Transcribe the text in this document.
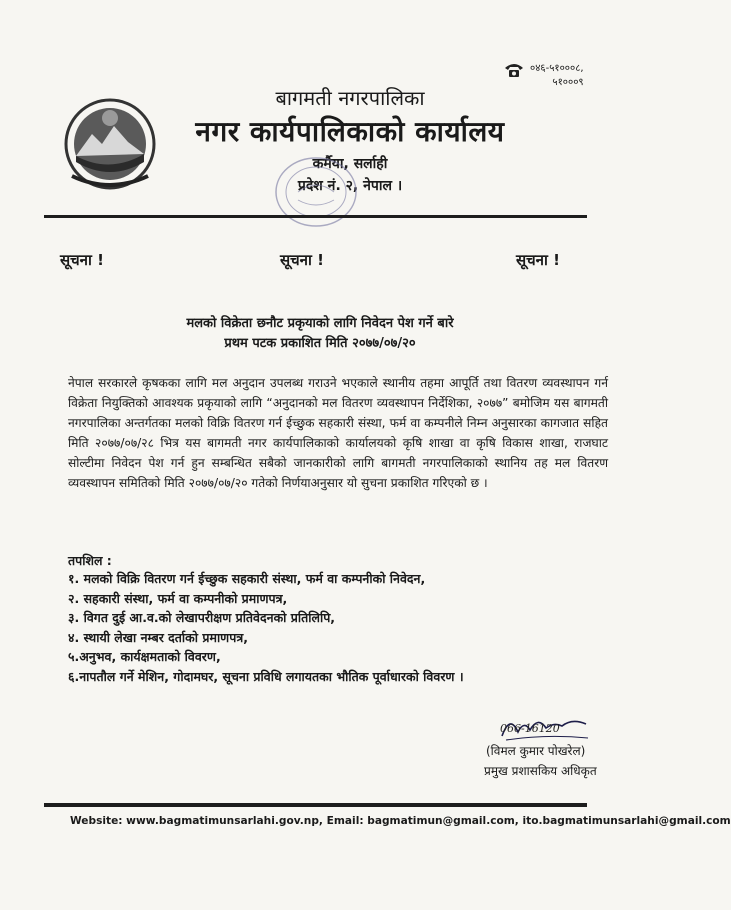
०४६-५१०००८,
५१०००९
बागमती नगरपालिका
नगर कार्यपालिकाको कार्यालय
कर्मैया, सर्लाही
प्रदेश नं. २, नेपाल ।
सूचना !	सूचना !	सूचना !
मलको विक्रेता छनौट प्रकृयाको लागि निवेदन पेश गर्ने बारे
प्रथम पटक प्रकाशित मिति २०७७/०७/२०
नेपाल सरकारले कृषकका लागि मल अनुदान उपलब्ध गराउने भएकाले स्थानीय तहमा आपूर्ति तथा वितरण व्यवस्थापन गर्न विक्रेता नियुक्तिको आवश्यक प्रकृयाको लागि “अनुदानको मल वितरण व्यवस्थापन निर्देशिका, २०७७” बमोजिम यस बागमती नगरपालिका अन्तर्गतका मलको विक्रि वितरण गर्न ईच्छुक सहकारी संस्था, फर्म वा कम्पनीले निम्न अनुसारका कागजात सहित मिति २०७७/०७/२८ भित्र यस बागमती नगर कार्यपालिकाको कार्यालयको कृषि शाखा वा कृषि विकास शाखा, राजघाट सोल्टीमा निवेदन पेश गर्न हुन सम्बन्धित सबैको जानकारीको लागि बागमती नगरपालिकाको स्थानिय तह मल वितरण व्यवस्थापन समितिको मिति २०७७/०७/२० गतेको निर्णयाअनुसार यो सुचना प्रकाशित गरिएको छ ।
तपशिल :
१. मलको विक्रि वितरण गर्न ईच्छुक सहकारी संस्था, फर्म वा कम्पनीको निवेदन,
२. सहकारी संस्था, फर्म वा कम्पनीको प्रमाणपत्र,
३. विगत दुई आ.व.को लेखापरीक्षण प्रतिवेदनको प्रतिलिपि,
४. स्थायी लेखा नम्बर दर्ताको प्रमाणपत्र,
५.अनुभव, कार्यक्षमताको विवरण,
६.नापतौल गर्ने मेशिन, गोदामघर, सूचना प्रविधि लगायतका भौतिक पूर्वाधारको विवरण ।
066-16120
(विमल कुमार पोखरेल)
प्रमुख प्रशासकिय अधिकृत
Website: www.bagmatimunsarlahi.gov.np, Email: bagmatimun@gmail.com, ito.bagmatimunsarlahi@gmail.com
